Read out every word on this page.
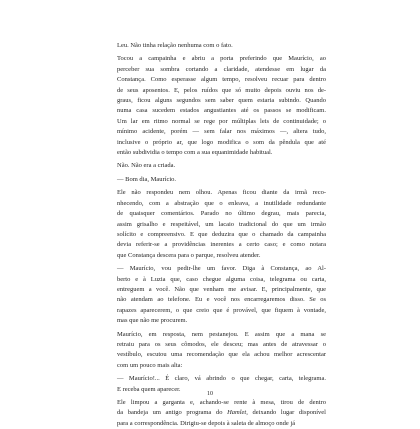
Leu. Não tinha relação nenhuma com o fato.
Tocou a campainha e abriu a porta preferindo que Maurício, ao
perceber sua sombra cortando a claridade, atendesse em lugar da
Constança. Como esperasse algum tempo, resolveu recuar para dentro
de seus aposentos. E, pelos ruídos que só muito depois ouviu nos de-
graus, ficou alguns segundos sem saber quem estaria subindo. Quando
numa casa sucedem estados angustiantes até os passos se modificam.
Um lar em ritmo normal se rege por múltiplas leis de continuidade; o
mínimo acidente, porém — sem falar nos máximos —, altera tudo,
inclusive o próprio ar, que logo modifica o som da pêndula que até
então subdividia o tempo com a sua equanimidade habitual.
Não. Não era a criada.
— Bom dia, Maurício.
Ele não respondeu nem olhou. Apenas ficou diante da irmã reco-
nhecendo, com a abstração que o enleava, a inutilidade redundante
de quaisquer comentários. Parado no último degrau, mais parecia,
assim grisalho e respeitável, um lacaio tradicional do que um irmão
solícito e compreensivo. E que deduzira que o chamado da campainha
devia referir-se a providências inerentes a certo caso; e como notara
que Constança descera para o parque, resolveu atender.
— Maurício, vou pedir-lhe um favor. Diga à Constança, ao Al-
berto e à Luzia que, caso chegue alguma coisa, telegrama ou carta,
entreguem a você. Não que venham me avisar. E, principalmente, que
não atendam ao telefone. Eu e você nos encarregaremos disso. Se os
rapazes aparecerem, o que creio que é provável, que fiquem à vontade,
mas que não me procurem.
Maurício, em resposta, nem pestanejou. E assim que a mana se
retraiu para os seus cômodos, ele desceu; mas antes de atravessar o
vestíbulo, escutou uma recomendação que ela achou melhor acrescentar
com um pouco mais alta:
— Maurício!... É claro, vá abrindo o que chegar, carta, telegrama.
E receba quem aparecer.
Ele limpou a garganta e, achando-se rente à mesa, tirou de dentro
da bandeja um antigo programa do Hamlet, deixando lugar disponível
para a correspondência. Dirigiu-se depois à saleta de almoço onde já
10
